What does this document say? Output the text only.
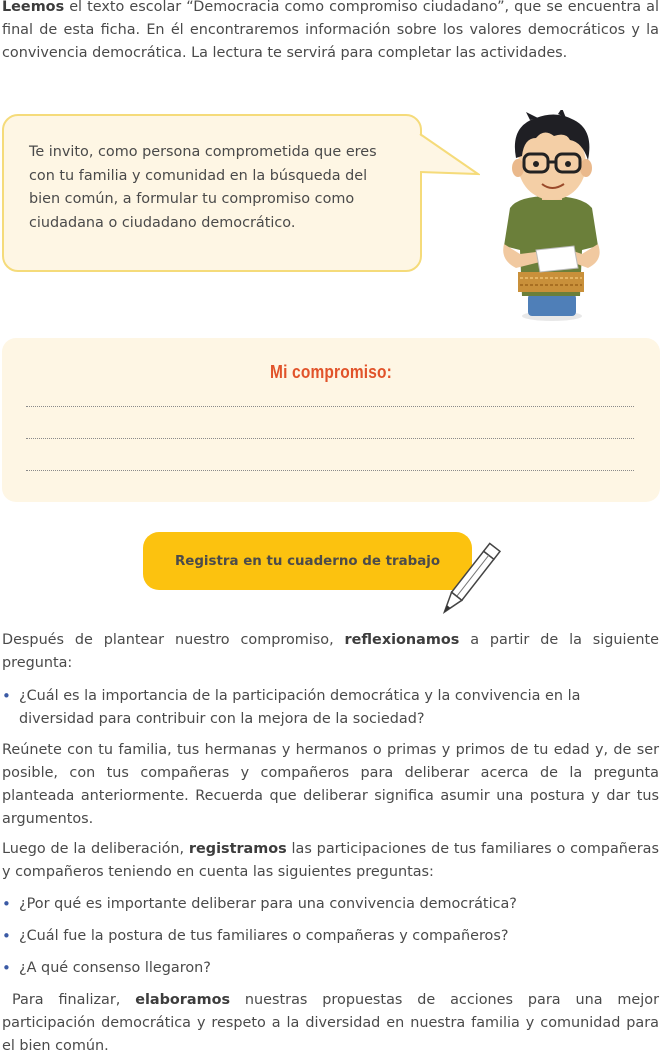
Leemos el texto escolar “Democracia como compromiso ciudadano”, que se encuentra al final de esta ficha. En él encontraremos información sobre los valores democráticos y la convivencia democrática. La lectura te servirá para completar las actividades.

Te invito, como persona comprometida que eres con tu familia y comunidad en la búsqueda del bien común, a formular tu compromiso como ciudadana o ciudadano democrático.

Mi compromiso:
Registra en tu cuaderno de trabajo

Después de plantear nuestro compromiso, reflexionamos a partir de la siguiente pregunta:

• ¿Cuál es la importancia de la participación democrática y la convivencia en la diversidad para contribuir con la mejora de la sociedad?

Reúnete con tu familia, tus hermanas y hermanos o primas y primos de tu edad y, de ser posible, con tus compañeras y compañeros para deliberar acerca de la pregunta planteada anteriormente. Recuerda que deliberar significa asumir una postura y dar tus argumentos.

Luego de la deliberación, registramos las participaciones de tus familiares o compañeras y compañeros teniendo en cuenta las siguientes preguntas:

• ¿Por qué es importante deliberar para una convivencia democrática?
• ¿Cuál fue la postura de tus familiares o compañeras y compañeros?
• ¿A qué consenso llegaron?

Para finalizar, elaboramos nuestras propuestas de acciones para una mejor participación democrática y respeto a la diversidad en nuestra familia y comunidad para el bien común.
